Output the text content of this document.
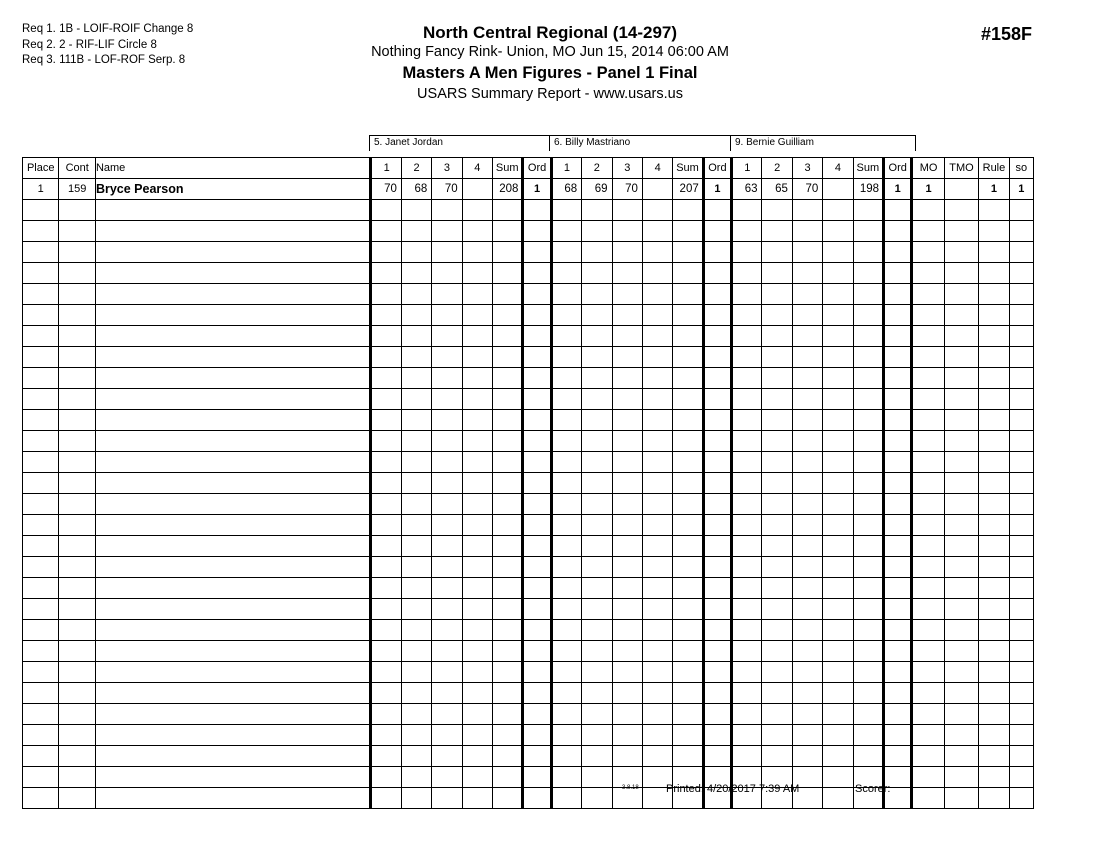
Req 1. 1B - LOIF-ROIF Change 8
Req 2. 2 - RIF-LIF Circle 8
Req 3. 111B - LOF-ROF Serp. 8
North Central Regional (14-297)
Nothing Fancy Rink- Union, MO Jun 15, 2014 06:00 AM
Masters A Men Figures - Panel 1 Final
USARS Summary Report - www.usars.us
#158F
5. Janet Jordan	6. Billy Mastriano	9. Bernie Guilliam
Place	Cont	Name	1	2	3	4	Sum	Ord	1	2	3	4	Sum	Ord	1	2	3	4	Sum	Ord	MO	TMO	Rule	so
1	159	Bryce Pearson	70	68	70		208	1	68	69	70		207	1	63	65	70		198	1	1		1	1

3.8.18 Printed: 4/20/2017 7:39 AM	Scorer:
